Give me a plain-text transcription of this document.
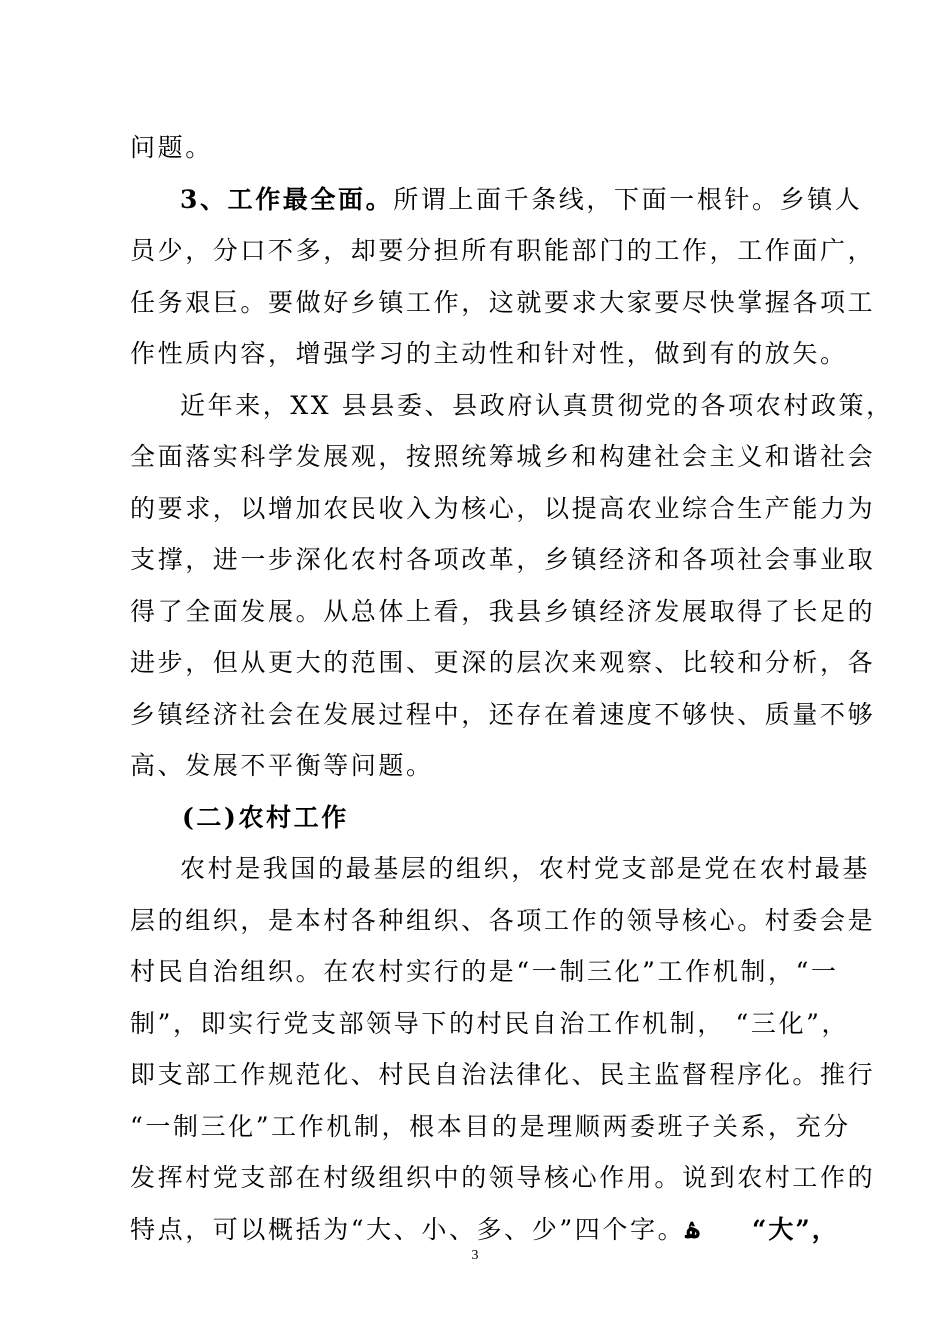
问题。
3、工作最全面。所谓上面千条线，下面一根针。乡镇人
员少，分口不多，却要分担所有职能部门的工作，工作面广，
任务艰巨。要做好乡镇工作，这就要求大家要尽快掌握各项工
作性质内容，增强学习的主动性和针对性，做到有的放矢。
近年来，XX 县县委、县政府认真贯彻党的各项农村政策，
全面落实科学发展观，按照统筹城乡和构建社会主义和谐社会
的要求，以增加农民收入为核心，以提高农业综合生产能力为
支撑，进一步深化农村各项改革，乡镇经济和各项社会事业取
得了全面发展。从总体上看，我县乡镇经济发展取得了长足的
进步，但从更大的范围、更深的层次来观察、比较和分析，各
乡镇经济社会在发展过程中，还存在着速度不够快、质量不够
高、发展不平衡等问题。
(二)农村工作
农村是我国的最基层的组织，农村党支部是党在农村最基
层的组织，是本村各种组织、各项工作的领导核心。村委会是
村民自治组织。在农村实行的是“一制三化”工作机制，“一
制”，即实行党支部领导下的村民自治工作机制， “三化”，
即支部工作规范化、村民自治法律化、民主监督程序化。推行
“一制三化”工作机制，根本目的是理顺两委班子关系，充分
发挥村党支部在村级组织中的领导核心作用。说到农村工作的
特点，可以概括为“大、小、多、少”四个字。ۿ	“大”，
3
